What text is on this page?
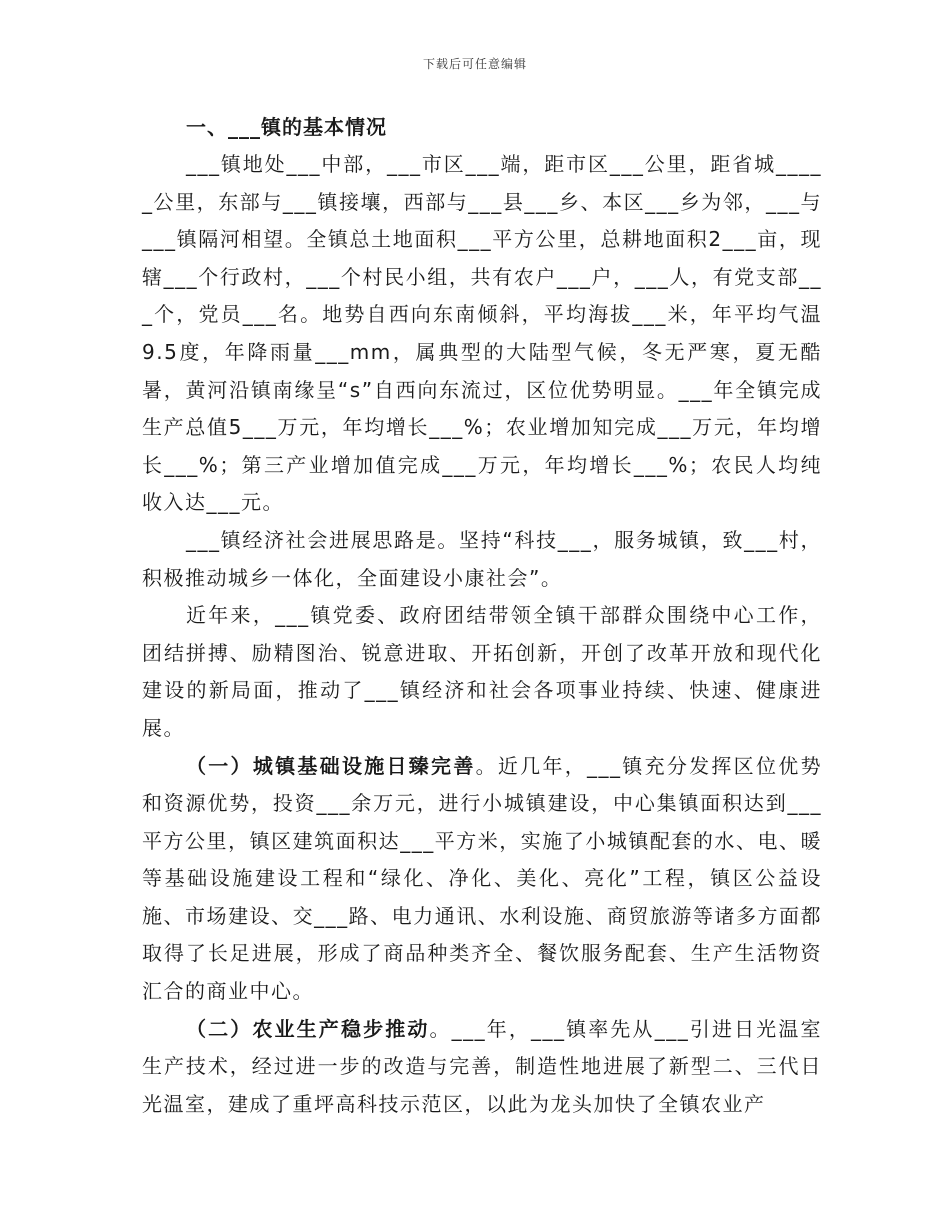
下载后可任意编辑

一、___镇的基本情况

___镇地处___中部，___市区___端，距市区___公里，距省城_____公里，东部与___镇接壤，西部与___县___乡、本区___乡为邻，___与___镇隔河相望。全镇总土地面积___平方公里，总耕地面积2___亩，现辖___个行政村，___个村民小组，共有农户___户，___人，有党支部___个，党员___名。地势自西向东南倾斜，平均海拔___米，年平均气温9.5度，年降雨量___mm，属典型的大陆型气候，冬无严寒，夏无酷暑，黄河沿镇南缘呈“s”自西向东流过，区位优势明显。___年全镇完成生产总值5___万元，年均增长___%；农业增加知完成___万元，年均增长___%；第三产业增加值完成___万元，年均增长___%；农民人均纯收入达___元。

___镇经济社会进展思路是。坚持“科技___，服务城镇，致___村，积极推动城乡一体化，全面建设小康社会”。

近年来，___镇党委、政府团结带领全镇干部群众围绕中心工作，团结拼搏、励精图治、锐意进取、开拓创新，开创了改革开放和现代化建设的新局面，推动了___镇经济和社会各项事业持续、快速、健康进展。

（一）城镇基础设施日臻完善。近几年，___镇充分发挥区位优势和资源优势，投资___余万元，进行小城镇建设，中心集镇面积达到___平方公里，镇区建筑面积达___平方米，实施了小城镇配套的水、电、暖等基础设施建设工程和“绿化、净化、美化、亮化”工程，镇区公益设施、市场建设、交___路、电力通讯、水利设施、商贸旅游等诸多方面都取得了长足进展，形成了商品种类齐全、餐饮服务配套、生产生活物资汇合的商业中心。

（二）农业生产稳步推动。___年，___镇率先从___引进日光温室生产技术，经过进一步的改造与完善，制造性地进展了新型二、三代日光温室，建成了重坪高科技示范区，以此为龙头加快了全镇农业产
